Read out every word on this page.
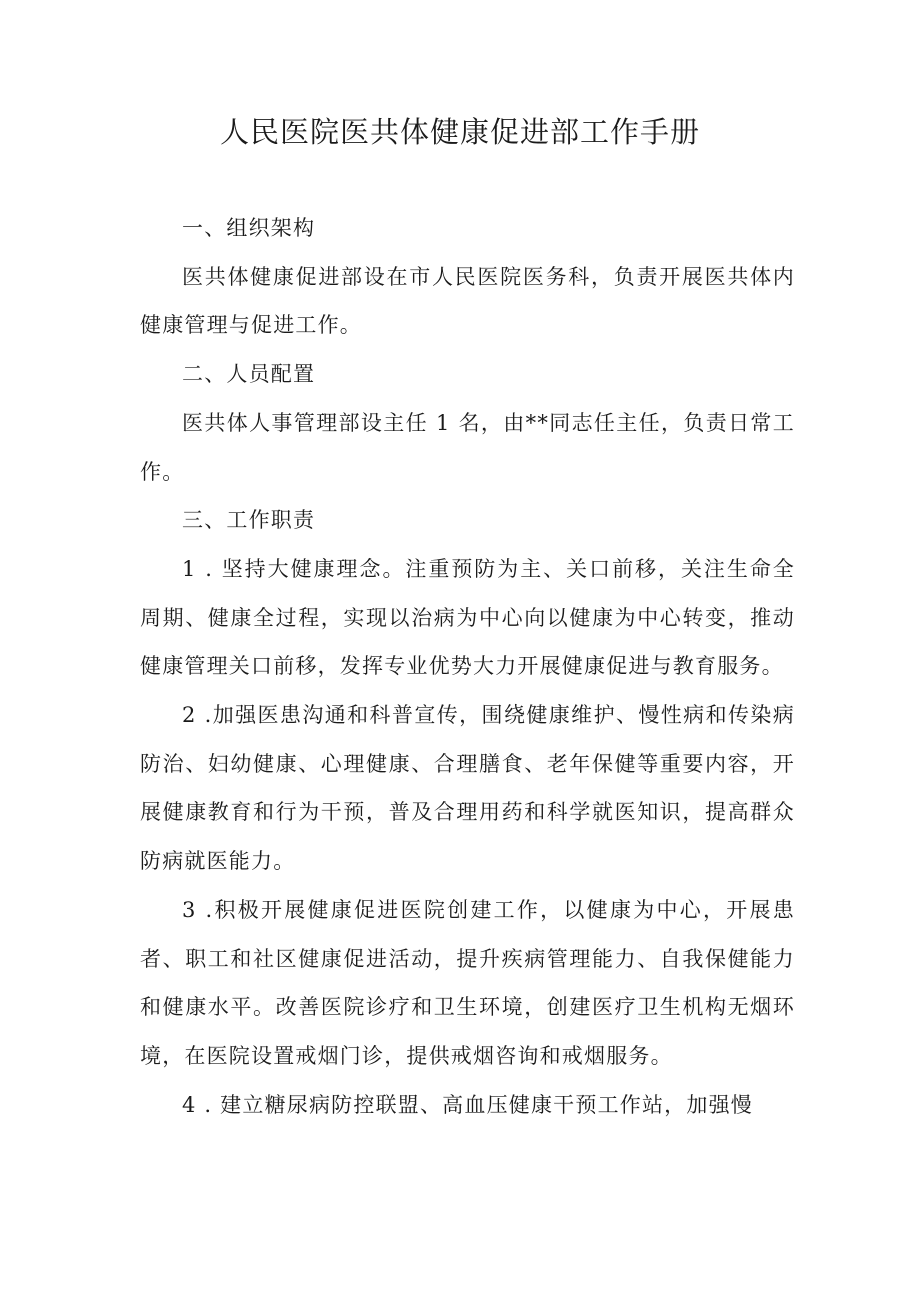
人民医院医共体健康促进部工作手册

一、组织架构

医共体健康促进部设在市人民医院医务科，负责开展医共体内健康管理与促进工作。

二、人员配置

医共体人事管理部设主任 1 名，由**同志任主任，负责日常工作。

三、工作职责

1 . 坚持大健康理念。注重预防为主、关口前移，关注生命全周期、健康全过程，实现以治病为中心向以健康为中心转变，推动健康管理关口前移，发挥专业优势大力开展健康促进与教育服务。

2 .加强医患沟通和科普宣传，围绕健康维护、慢性病和传染病防治、妇幼健康、心理健康、合理膳食、老年保健等重要内容，开展健康教育和行为干预，普及合理用药和科学就医知识，提高群众防病就医能力。

3 .积极开展健康促进医院创建工作，以健康为中心，开展患者、职工和社区健康促进活动，提升疾病管理能力、自我保健能力和健康水平。改善医院诊疗和卫生环境，创建医疗卫生机构无烟环境，在医院设置戒烟门诊，提供戒烟咨询和戒烟服务。

4 . 建立糖尿病防控联盟、高血压健康干预工作站，加强慢
